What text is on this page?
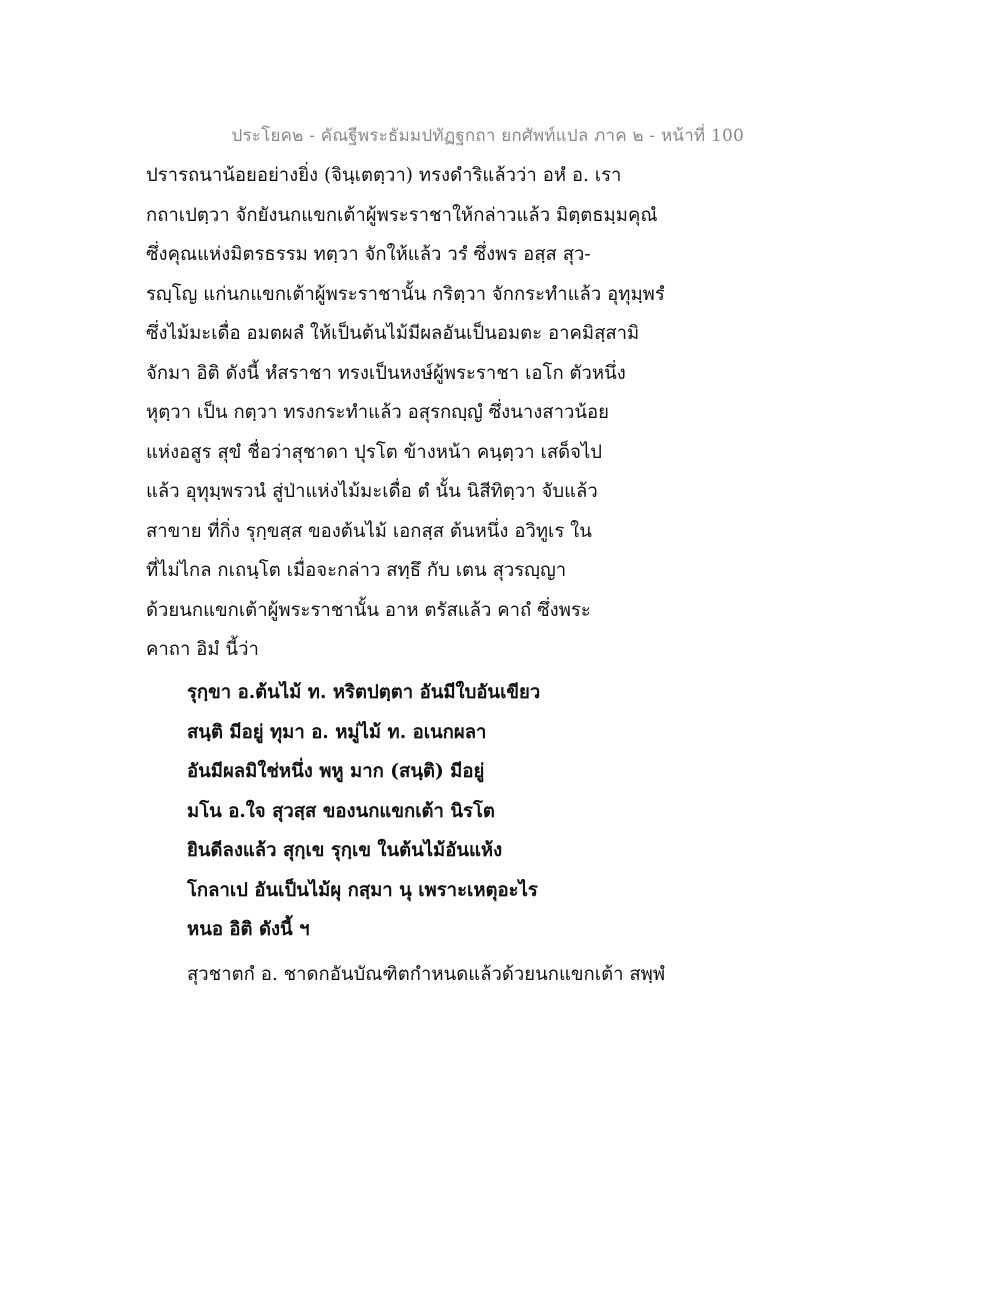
ประโยค๒ - คัณฐีพระธัมมปทัฏฐกถา ยกศัพท์แปล ภาค ๒ - หน้าที่ 100
ปรารถนาน้อยอย่างยิ่ง (จินฺเตตฺวา) ทรงดำริแล้วว่า อหํ อ. เรา
กถาเปตฺวา จักยังนกแขกเต้าผู้พระราชาให้กล่าวแล้ว มิตฺตธมฺมคุณํ
ซึ่งคุณแห่งมิตรธรรม ทตฺวา จักให้แล้ว วรํ ซึ่งพร อสฺส สุว-
รญฺโญ แก่นกแขกเต้าผู้พระราชานั้น กริตฺวา จักกระทำแล้ว อุทุมฺพรํ
ซึ่งไม้มะเดื่อ อมตผลํ ให้เป็นต้นไม้มีผลอันเป็นอมตะ อาคมิสฺสามิ
จักมา อิติ ดังนี้ หํสราชา ทรงเป็นหงษ์ผู้พระราชา เอโก ตัวหนึ่ง
หุตฺวา เป็น กตฺวา ทรงกระทำแล้ว อสุรกญฺญํ ซึ่งนางสาวน้อย
แห่งอสูร สุขํ ชื่อว่าสุชาดา ปุรโต ข้างหน้า คนฺตฺวา เสด็จไป
แล้ว อุทุมฺพรวนํ สู่ป่าแห่งไม้มะเดื่อ ตํ นั้น นิสีทิตฺวา จับแล้ว
สาขาย ที่กิ่ง รุกฺขสฺส ของต้นไม้ เอกสฺส ต้นหนึ่ง อวิทูเร ใน
ที่ไม่ไกล กเถนฺโต เมื่อจะกล่าว สทฺธึ กับ เตน สุวรญฺญา
ด้วยนกแขกเต้าผู้พระราชานั้น อาห ตรัสแล้ว คาถํ ซึ่งพระ
คาถา อิมํ นี้ว่า
รุกฺขา อ.ต้นไม้ ท. หริตปตฺตา อันมีใบอันเขียว
สนฺติ มีอยู่ ทุมา อ. หมู่ไม้ ท. อเนกผลา
อันมีผลมิใช่หนึ่ง พหู มาก (สนฺติ) มีอยู่
มโน อ.ใจ สุวสฺส ของนกแขกเต้า นิรโต
ยินดีลงแล้ว สุกฺเข รุกฺเข ในต้นไม้อันแห้ง
โกลาเป อันเป็นไม้ผุ กสฺมา นุ เพราะเหตุอะไร
หนอ อิติ ดังนี้ ฯ
สุวชาตกํ อ. ชาดกอันบัณฑิตกำหนดแล้วด้วยนกแขกเต้า สพฺพํ
